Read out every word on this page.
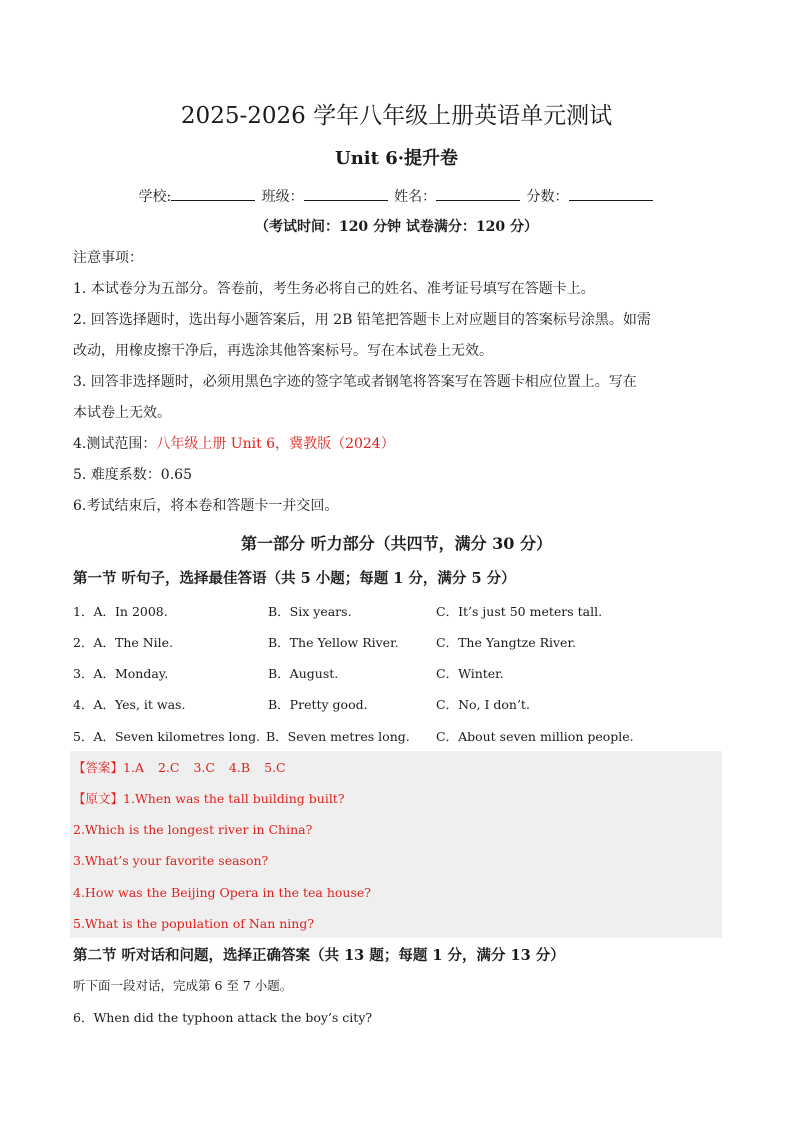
2025-2026 学年八年级上册英语单元测试
Unit 6·提升卷
学校:	班级：	姓名：	分数：
（考试时间：120 分钟 试卷满分：120 分）
注意事项：
1. 本试卷分为五部分。答卷前，考生务必将自己的姓名、准考证号填写在答题卡上。
2. 回答选择题时，选出每小题答案后，用 2B 铅笔把答题卡上对应题目的答案标号涂黑。如需
改动，用橡皮擦干净后，再选涂其他答案标号。写在本试卷上无效。
3. 回答非选择题时，必须用黑色字迹的签字笔或者钢笔将答案写在答题卡相应位置上。写在
本试卷上无效。
4.测试范围：八年级上册 Unit 6，冀教版（2024）
5. 难度系数：0.65
6.考试结束后，将本卷和答题卡一并交回。
第一部分 听力部分（共四节，满分 30 分）
第一节 听句子，选择最佳答语（共 5 小题；每题 1 分，满分 5 分）
1．A．In 2008.	B．Six years.	C．It’s just 50 meters tall.
2．A．The Nile.	B．The Yellow River.	C．The Yangtze River.
3．A．Monday.	B．August.	C．Winter.
4．A．Yes, it was.	B．Pretty good.	C．No, I don’t.
5．A．Seven kilometres long. B．Seven metres long. C．About seven million people.
【答案】1.A 2.C 3.C 4.B 5.C
【原文】1.When was the tall building built?
2.Which is the longest river in China?
3.What’s your favorite season?
4.How was the Beijing Opera in the tea house?
5.What is the population of Nan ning?
第二节 听对话和问题，选择正确答案（共 13 题；每题 1 分，满分 13 分）
听下面一段对话，完成第 6 至 7 小题。
6．When did the typhoon attack the boy’s city?
